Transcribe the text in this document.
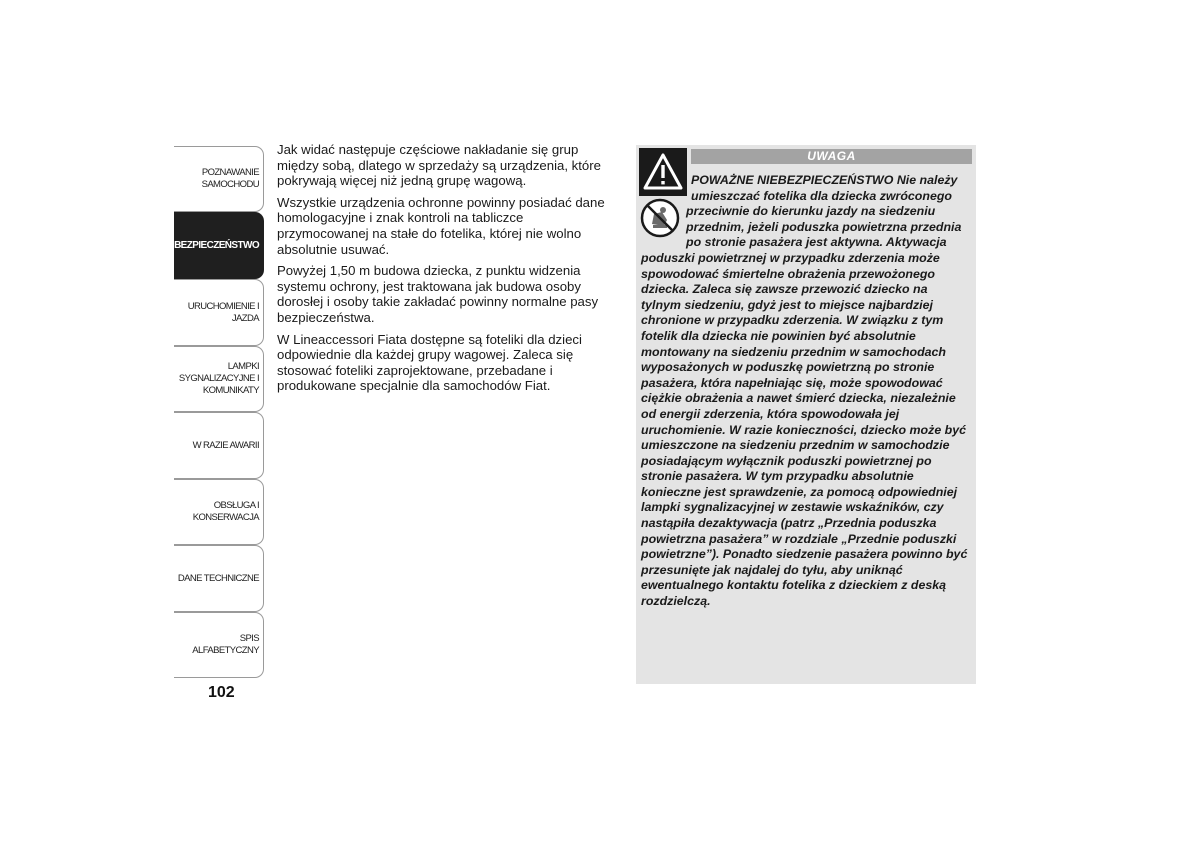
POZNAWANIE
SAMOCHODU
BEZPIECZEŃSTWO
URUCHOMIENIE I
JAZDA
LAMPKI
SYGNALIZACYJNE I
KOMUNIKATY
W RAZIE AWARII
OBSŁUGA I
KONSERWACJA
DANE TECHNICZNE
SPIS ALFABETYCZNY
102

Jak widać następuje częściowe nakładanie się grup między sobą, dlatego w sprzedaży są urządzenia, które pokrywają więcej niż jedną grupę wagową.

Wszystkie urządzenia ochronne powinny posiadać dane homologacyjne i znak kontroli na tabliczce przymocowanej na stałe do fotelika, której nie wolno absolutnie usuwać.

Powyżej 1,50 m budowa dziecka, z punktu widzenia systemu ochrony, jest traktowana jak budowa osoby dorosłej i osoby takie zakładać powinny normalne pasy bezpieczeństwa.

W Lineaccessori Fiata dostępne są foteliki dla dzieci odpowiednie dla każdej grupy wagowej. Zaleca się stosować foteliki zaprojektowane, przebadane i produkowane specjalnie dla samochodów Fiat.

UWAGA

POWAŻNE NIEBEZPIECZEŃSTWO Nie należy umieszczać fotelika dla dziecka zwróconego przeciwnie do kierunku jazdy na siedzeniu przednim, jeżeli poduszka powietrzna przednia po stronie pasażera jest aktywna. Aktywacja poduszki powietrznej w przypadku zderzenia może spowodować śmiertelne obrażenia przewożonego dziecka. Zaleca się zawsze przewozić dziecko na tylnym siedzeniu, gdyż jest to miejsce najbardziej chronione w przypadku zderzenia. W związku z tym fotelik dla dziecka nie powinien być absolutnie montowany na siedzeniu przednim w samochodach wyposażonych w poduszkę powietrzną po stronie pasażera, która napełniając się, może spowodować ciężkie obrażenia a nawet śmierć dziecka, niezależnie od energii zderzenia, która spowodowała jej uruchomienie. W razie konieczności, dziecko może być umieszczone na siedzeniu przednim w samochodzie posiadającym wyłącznik poduszki powietrznej po stronie pasażera. W tym przypadku absolutnie konieczne jest sprawdzenie, za pomocą odpowiedniej lampki sygnalizacyjnej w zestawie wskaźników, czy nastąpiła dezaktywacja (patrz „Przednia poduszka powietrzna pasażera” w rozdziale „Przednie poduszki powietrzne”). Ponadto siedzenie pasażera powinno być przesunięte jak najdalej do tyłu, aby uniknąć ewentualnego kontaktu fotelika z dzieckiem z deską rozdzielczą.
